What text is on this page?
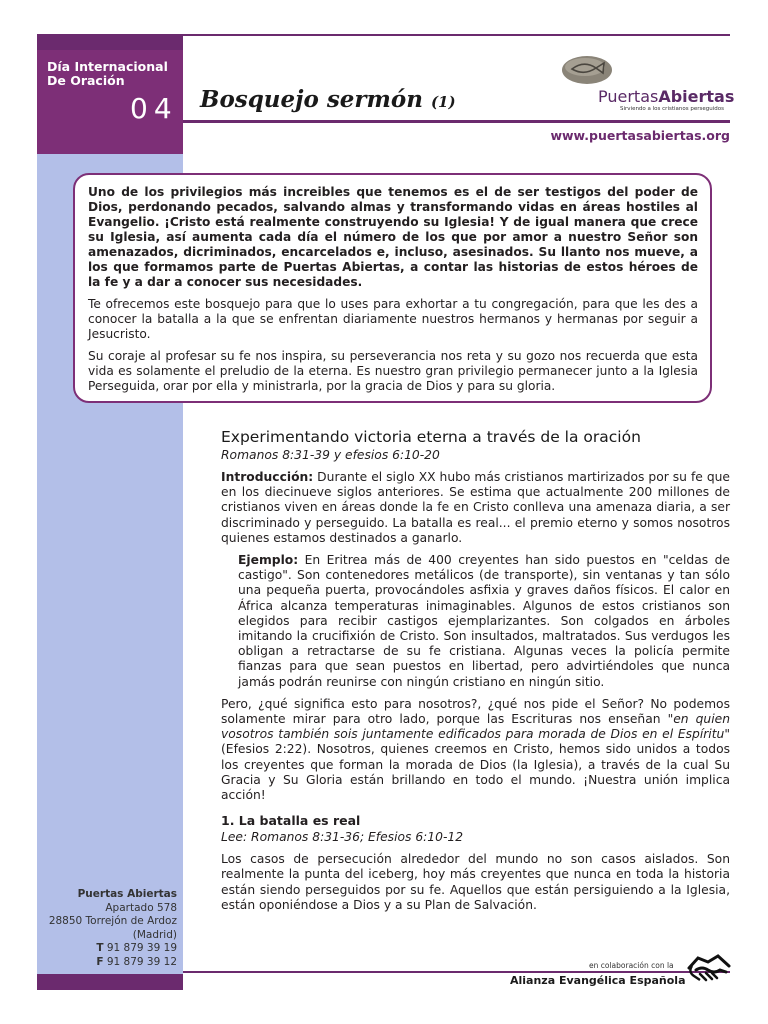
Día Internacional
De Oración
04 Bosquejo sermón (1)	PuertasAbiertas
Sirviendo a los cristianos perseguidos
www.puertasabiertas.org

Uno de los privilegios más increibles que tenemos es el de ser testigos del poder de Dios, perdonando pecados, salvando almas y transformando vidas en áreas hostiles al Evangelio. ¡Cristo está realmente construyendo su Iglesia! Y de igual manera que crece su Iglesia, así aumenta cada día el número de los que por amor a nuestro Señor son amenazados, dicriminados, encarcelados e, incluso, asesinados. Su llanto nos mueve, a los que formamos parte de Puertas Abiertas, a contar las historias de estos héroes de la fe y a dar a conocer sus necesidades.

Te ofrecemos este bosquejo para que lo uses para exhortar a tu congregación, para que les des a conocer la batalla a la que se enfrentan diariamente nuestros hermanos y hermanas por seguir a Jesucristo.

Su coraje al profesar su fe nos inspira, su perseverancia nos reta y su gozo nos recuerda que esta vida es solamente el preludio de la eterna. Es nuestro gran privilegio permanecer junto a la Iglesia Perseguida, orar por ella y ministrarla, por la gracia de Dios y para su gloria.

Experimentando victoria eterna a través de la oración
Romanos 8:31-39 y efesios 6:10-20

Introducción: Durante el siglo XX hubo más cristianos martirizados por su fe que en los diecinueve siglos anteriores. Se estima que actualmente 200 millones de cristianos viven en áreas donde la fe en Cristo conlleva una amenaza diaria, a ser discriminado y perseguido. La batalla es real... el premio eterno y somos nosotros quienes estamos destinados a ganarlo.

Ejemplo: En Eritrea más de 400 creyentes han sido puestos en "celdas de castigo". Son contenedores metálicos (de transporte), sin ventanas y tan sólo una pequeña puerta, provocándoles asfixia y graves daños físicos. El calor en África alcanza temperaturas inimaginables. Algunos de estos cristianos son elegidos para recibir castigos ejemplarizantes. Son colgados en árboles imitando la crucifixión de Cristo. Son insultados, maltratados. Sus verdugos les obligan a retractarse de su fe cristiana. Algunas veces la policía permite fianzas para que sean puestos en libertad, pero advirtiéndoles que nunca jamás podrán reunirse con ningún cristiano en ningún sitio.

Pero, ¿qué significa esto para nosotros?, ¿qué nos pide el Señor? No podemos solamente mirar para otro lado, porque las Escrituras nos enseñan "en quien vosotros también sois juntamente edificados para morada de Dios en el Espíritu" (Efesios 2:22). Nosotros, quienes creemos en Cristo, hemos sido unidos a todos los creyentes que forman la morada de Dios (la Iglesia), a través de la cual Su Gracia y Su Gloria están brillando en todo el mundo. ¡Nuestra unión implica acción!

1. La batalla es real
Lee: Romanos 8:31-36; Efesios 6:10-12

Los casos de persecución alrededor del mundo no son casos aislados. Son realmente la punta del iceberg, hoy más creyentes que nunca en toda la historia están siendo perseguidos por su fe. Aquellos que están persiguiendo a la Iglesia, están oponiéndose a Dios y a su Plan de Salvación.

Puertas Abiertas
Apartado 578
28850 Torrejón de Ardoz
(Madrid)
T 91 879 39 19
F 91 879 39 12	en colaboración con la
Alianza Evangélica Española
